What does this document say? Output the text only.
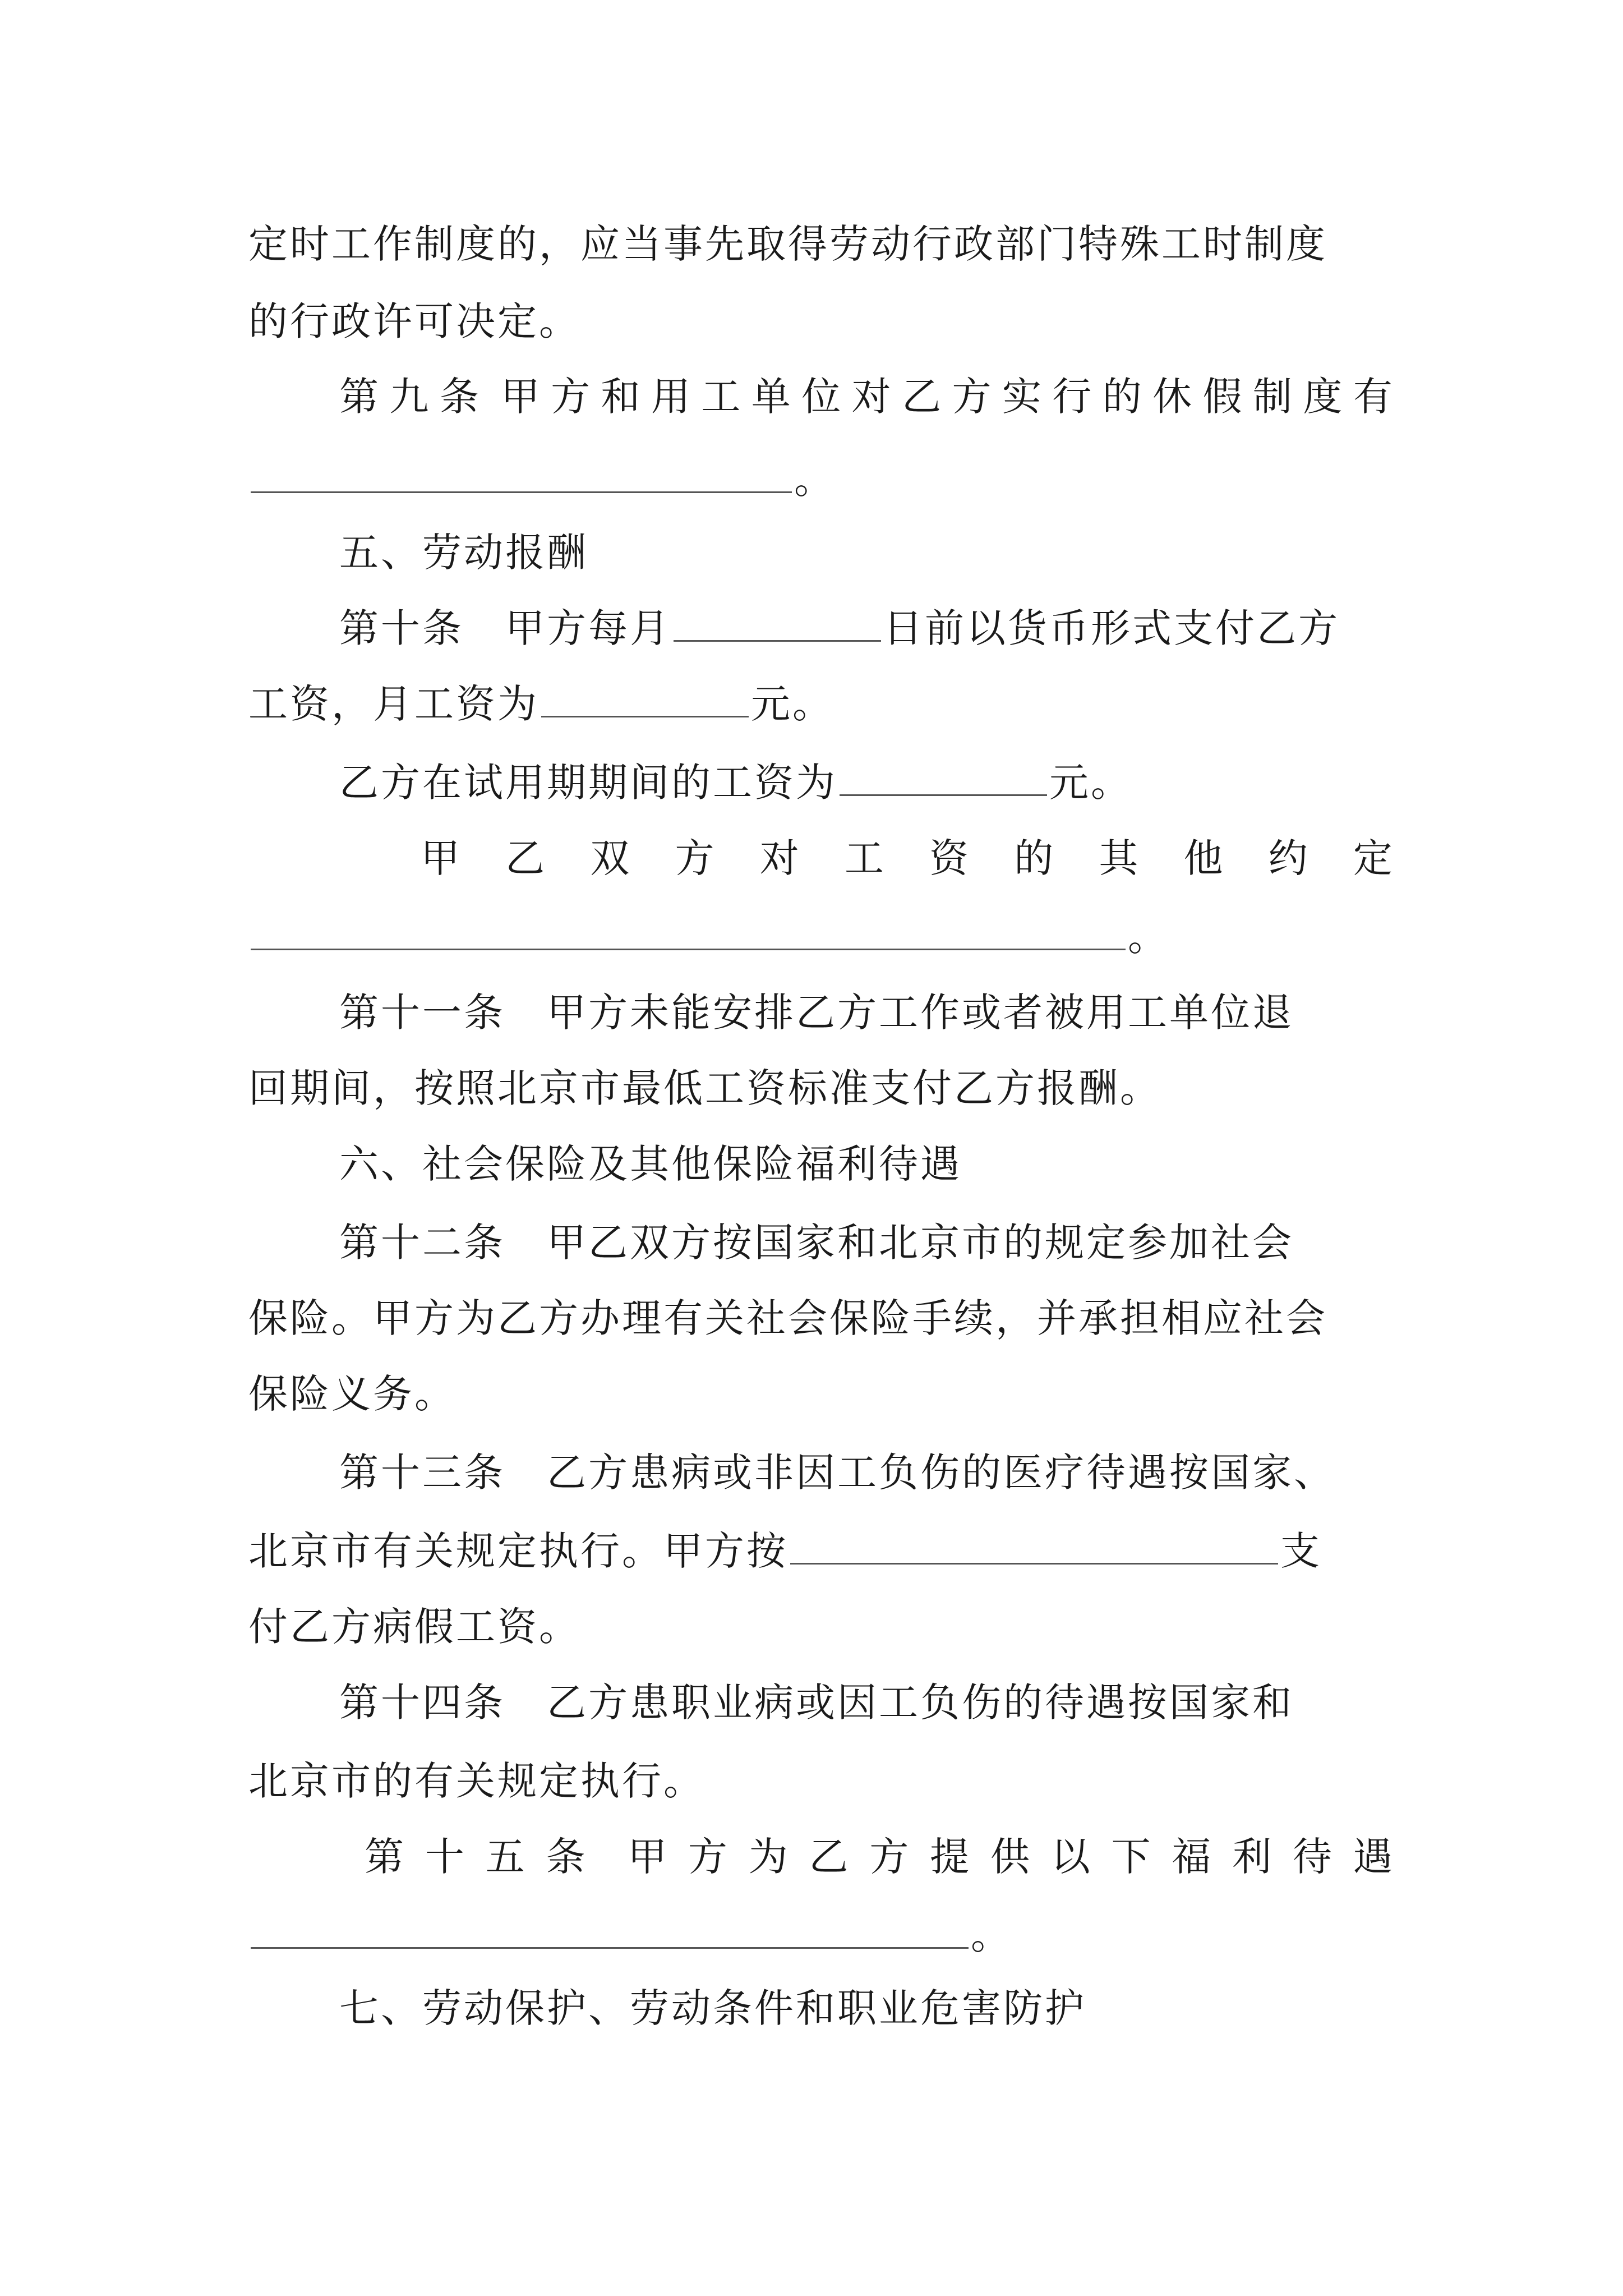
定时工作制度的，应当事先取得劳动行政部门特殊工时制度
的行政许可决定。
第 九 条 甲 方 和 用 工 单 位 对 乙 方 实 行 的 休 假 制 度 有
。
五、劳动报酬
第十条　甲方每月	日前以货币形式支付乙方
工资，月工资为	元。
乙方在试用期期间的工资为	元。
甲 乙 双 方 对 工 资 的 其 他 约 定
。
第十一条　甲方未能安排乙方工作或者被用工单位退
回期间，按照北京市最低工资标准支付乙方报酬。
六、社会保险及其他保险福利待遇
第十二条　甲乙双方按国家和北京市的规定参加社会
保险。甲方为乙方办理有关社会保险手续，并承担相应社会
保险义务。
第十三条　乙方患病或非因工负伤的医疗待遇按国家、
北京市有关规定执行。甲方按	支
付乙方病假工资。
第十四条　乙方患职业病或因工负伤的待遇按国家和
北京市的有关规定执行。
第 十 五 条 甲 方 为 乙 方 提 供 以 下 福 利 待 遇
。
七、劳动保护、劳动条件和职业危害防护
